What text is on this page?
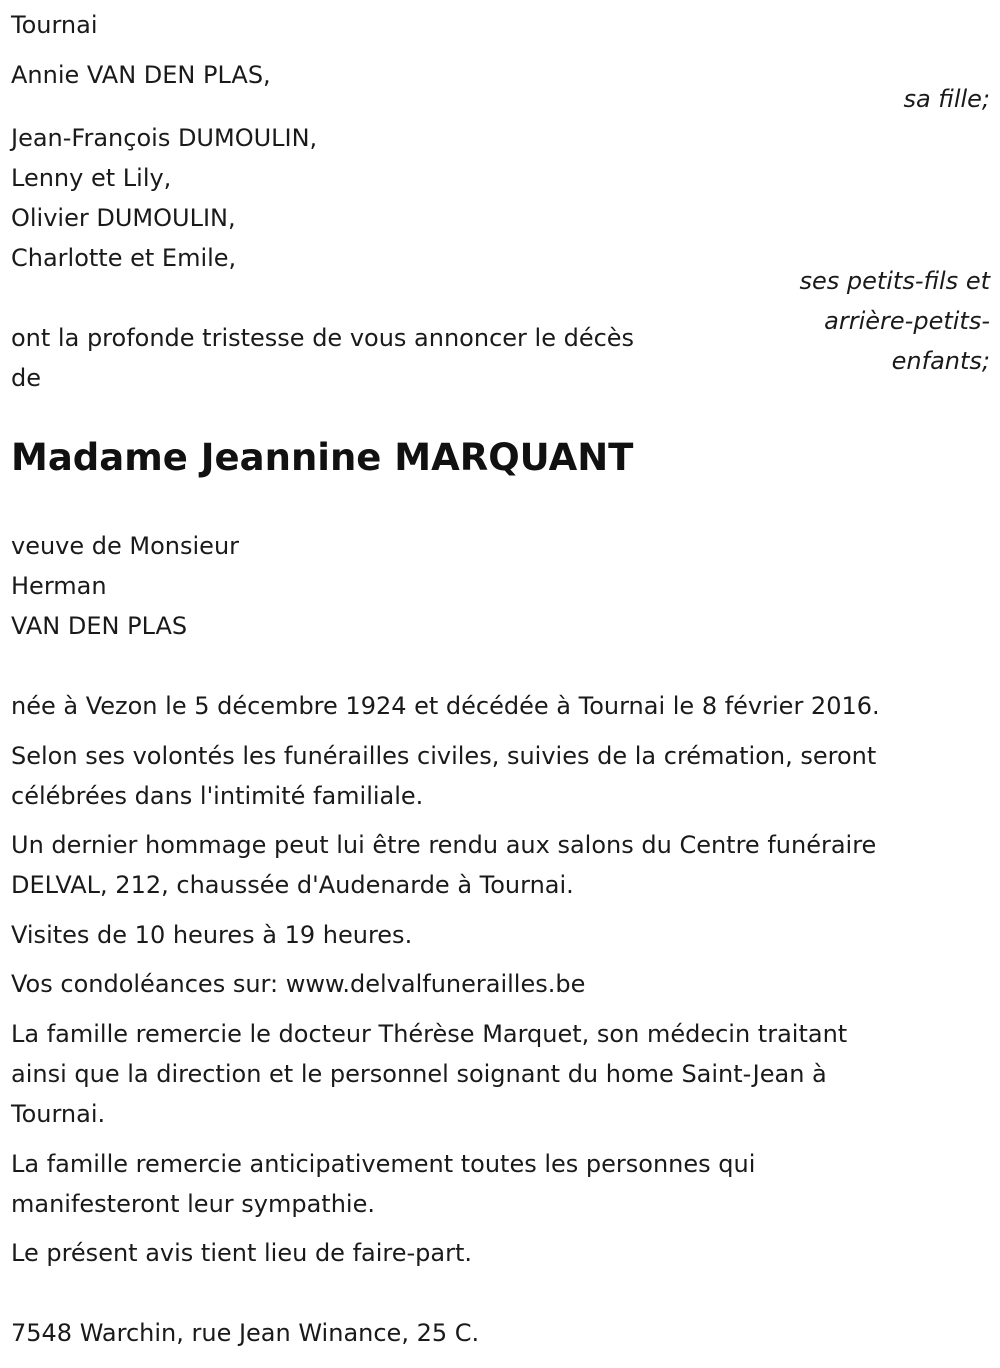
Tournai
Annie VAN DEN PLAS,
sa fille;
Jean-François DUMOULIN,
Lenny et Lily,
Olivier DUMOULIN,
Charlotte et Emile,
ses petits-fils et
arrière-petits-
enfants;
ont la profonde tristesse de vous annoncer le décès
de
Madame Jeannine MARQUANT
veuve de Monsieur
Herman
VAN DEN PLAS
née à Vezon le 5 décembre 1924 et décédée à Tournai le 8 février 2016.
Selon ses volontés les funérailles civiles, suivies de la crémation, seront
célébrées dans l'intimité familiale.
Un dernier hommage peut lui être rendu aux salons du Centre funéraire
DELVAL, 212, chaussée d'Audenarde à Tournai.
Visites de 10 heures à 19 heures.
Vos condoléances sur: www.delvalfunerailles.be
La famille remercie le docteur Thérèse Marquet, son médecin traitant
ainsi que la direction et le personnel soignant du home Saint-Jean à
Tournai.
La famille remercie anticipativement toutes les personnes qui
manifesteront leur sympathie.
Le présent avis tient lieu de faire-part.
7548 Warchin, rue Jean Winance, 25 C.
